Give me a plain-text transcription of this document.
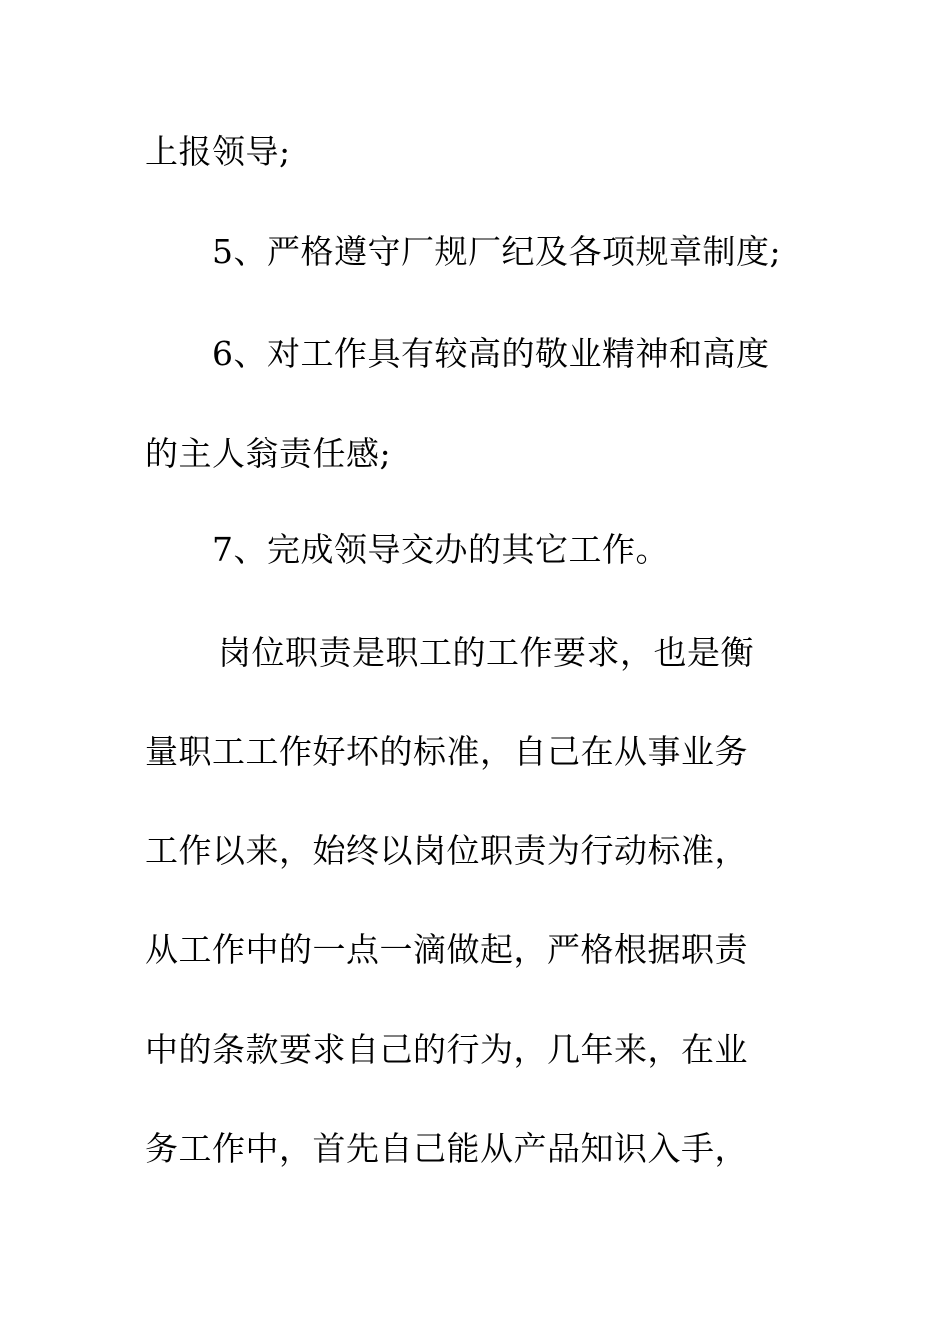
上报领导;
5、严格遵守厂规厂纪及各项规章制度;
6、对工作具有较高的敬业精神和高度
的主人翁责任感;
7、完成领导交办的其它工作。
岗位职责是职工的工作要求，也是衡
量职工工作好坏的标准，自己在从事业务
工作以来，始终以岗位职责为行动标准，
从工作中的一点一滴做起，严格根据职责
中的条款要求自己的行为，几年来，在业
务工作中，首先自己能从产品知识入手，
